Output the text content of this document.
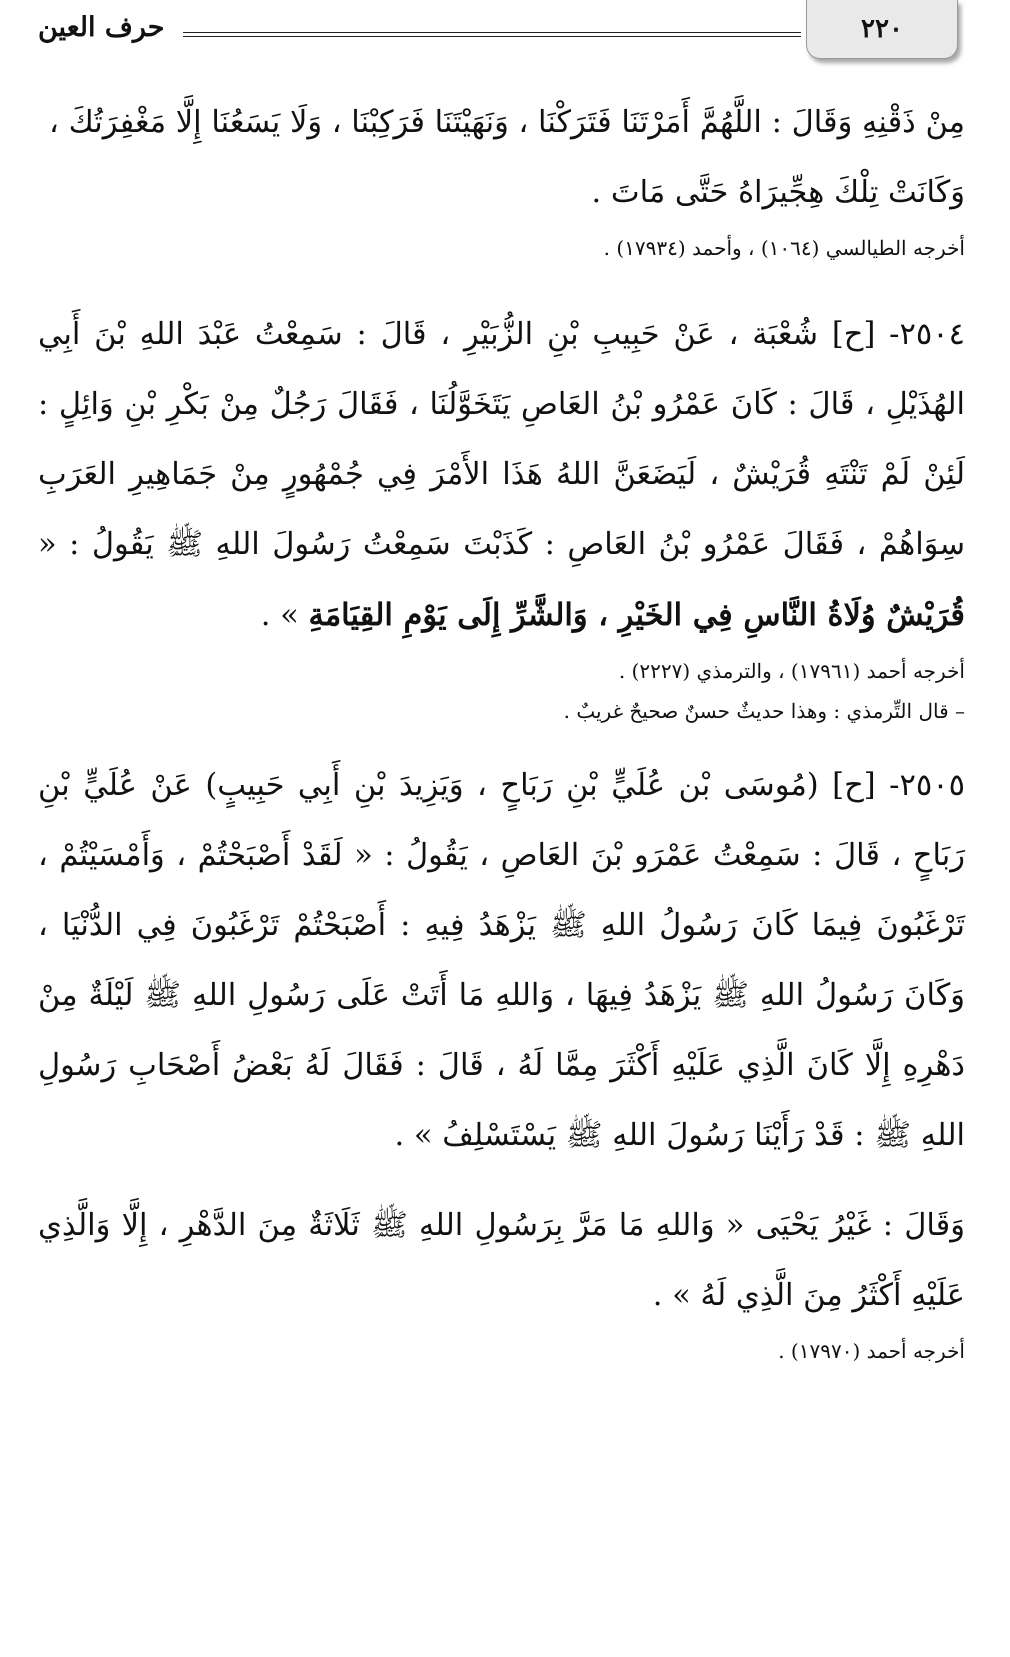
٢٢٠
حرف العين

مِنْ ذَقْنِهِ وَقَالَ : اللَّهُمَّ أَمَرْتَنَا فَتَرَكْنَا ، وَنَهَيْتَنَا فَرَكِبْنَا ، وَلَا يَسَعُنَا إِلَّا مَغْفِرَتُكَ ،
وَكَانَتْ تِلْكَ هِجِّيرَاهُ حَتَّى مَاتَ .

أخرجه الطيالسي (١٠٦٤) ، وأحمد (١٧٩٣٤) .

٢٥٠٤- [ح] شُعْبَة ، عَنْ حَبِيبِ بْنِ الزُّبَيْرِ ، قَالَ : سَمِعْتُ عَبْدَ اللهِ بْنَ أَبِي الهُذَيْلِ ، قَالَ : كَانَ عَمْرُو بْنُ العَاصِ يَتَخَوَّلُنَا ، فَقَالَ رَجُلٌ مِنْ بَكْرِ بْنِ وَائِلٍ : لَئِنْ لَمْ تَنْتَهِ قُرَيْشٌ ، لَيَضَعَنَّ اللهُ هَذَا الأَمْرَ فِي جُمْهُورٍ مِنْ جَمَاهِيرِ العَرَبِ سِوَاهُمْ ، فَقَالَ عَمْرُو بْنُ العَاصِ : كَذَبْتَ سَمِعْتُ رَسُولَ اللهِ ﷺ يَقُولُ : « قُرَيْشٌ وُلَاةُ النَّاسِ فِي الخَيْرِ ، وَالشَّرِّ إِلَى يَوْمِ القِيَامَةِ » .

أخرجه أحمد (١٧٩٦١) ، والترمذي (٢٢٢٧) .

– قال التِّرمذي : وهذا حديثٌ حسنٌ صحيحٌ غريبٌ .

٢٥٠٥- [ح] (مُوسَى بْن عُلَيٍّ بْنِ رَبَاحٍ ، وَيَزِيدَ بْنِ أَبِي حَبِيبٍ) عَنْ عُلَيٍّ بْنِ رَبَاحٍ ، قَالَ : سَمِعْتُ عَمْرَو بْنَ العَاصِ ، يَقُولُ : « لَقَدْ أَصْبَحْتُمْ ، وَأَمْسَيْتُمْ ، تَرْغَبُونَ فِيمَا كَانَ رَسُولُ اللهِ ﷺ يَزْهَدُ فِيهِ : أَصْبَحْتُمْ تَرْغَبُونَ فِي الدُّنْيَا ، وَكَانَ رَسُولُ اللهِ ﷺ يَزْهَدُ فِيهَا ، وَاللهِ مَا أَتَتْ عَلَى رَسُولِ اللهِ ﷺ لَيْلَةٌ مِنْ دَهْرِهِ إِلَّا كَانَ الَّذِي عَلَيْهِ أَكْثَرَ مِمَّا لَهُ ، قَالَ : فَقَالَ لَهُ بَعْضُ أَصْحَابِ رَسُولِ اللهِ ﷺ : قَدْ رَأَيْنَا رَسُولَ اللهِ ﷺ يَسْتَسْلِفُ » .

وَقَالَ : غَيْرُ يَحْيَى « وَاللهِ مَا مَرَّ بِرَسُولِ اللهِ ﷺ ثَلَاثَةٌ مِنَ الدَّهْرِ ، إِلَّا وَالَّذِي عَلَيْهِ أَكْثَرُ مِنَ الَّذِي لَهُ » .

أخرجه أحمد (١٧٩٧٠) .
